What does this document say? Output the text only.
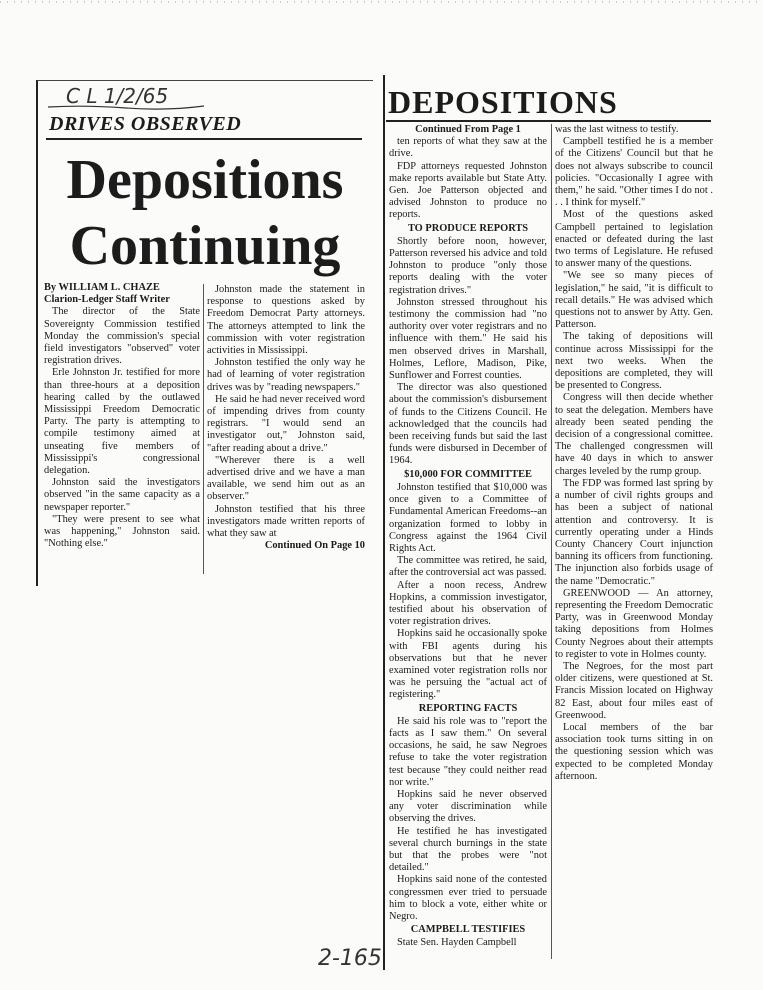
C L 1/2/65
DRIVES OBSERVED
Depositions
Continuing

By WILLIAM L. CHAZE

Clarion-Ledger Staff Writer

The director of the State Sovereignty Commission testified Monday the commission's special field investigators "observed" voter registration drives.

Erle Johnston Jr. testified for more than three-hours at a deposition hearing called by the outlawed Mississippi Freedom Democratic Party. The party is attempting to compile testimony aimed at unseating five members of Mississippi's congressional delegation.

Johnston said the investigators observed "in the same capacity as a newspaper reporter."

"They were present to see what was happening," Johnston said. "Nothing else."

Johnston made the statement in response to questions asked by Freedom Democrat Party attorneys. The attorneys attempted to link the commission with voter registration activities in Mississippi.

Johnston testified the only way he had of learning of voter registration drives was by "reading newspapers."

He said he had never received word of impending drives from county registrars. "I would send an investigator out," Johnston said, "after reading about a drive."

"Wherever there is a well advertised drive and we have a man available, we send him out as an observer."

Johnston testified that his three investigators made written reports of what they saw at

Continued On Page 10

DEPOSITIONS

Continued From Page 1

ten reports of what they saw at the drive.

FDP attorneys requested Johnston make reports available but State Atty. Gen. Joe Patterson objected and advised Johnston to produce no reports.

TO PRODUCE REPORTS

Shortly before noon, however, Patterson reversed his advice and told Johnston to produce "only those reports dealing with the voter registration drives."

Johnston stressed throughout his testimony the commission had "no authority over voter registrars and no influence with them." He said his men observed drives in Marshall, Holmes, Leflore, Madison, Pike, Sunflower and Forrest counties.

The director was also questioned about the commission's disbursement of funds to the Citizens Council. He acknowledged that the councils had been receiving funds but said the last funds were disbursed in December of 1964.

$10,000 FOR COMMITTEE

Johnston testified that $10,000 was once given to a Committee of Fundamental American Freedoms--an organization formed to lobby in Congress against the 1964 Civil Rights Act.

The committee was retired, he said, after the controversial act was passed.

After a noon recess, Andrew Hopkins, a commission investigator, testified about his observation of voter registration drives.

Hopkins said he occasionally spoke with FBI agents during his observations but that he never examined voter registration rolls nor was he persuing the "actual act of registering."

REPORTING FACTS

He said his role was to "report the facts as I saw them." On several occasions, he said, he saw Negroes refuse to take the voter registration test because "they could neither read nor write."

Hopkins said he never observed any voter discrimination while observing the drives.

He testified he has investigated several church burnings in the state but that the probes were "not detailed."

Hopkins said none of the contested congressmen ever tried to persuade him to block a vote, either white or Negro.

CAMPBELL TESTIFIES

State Sen. Hayden Campbell

was the last witness to testify.

Campbell testified he is a member of the Citizens' Council but that he does not always subscribe to council policies. "Occasionally I agree with them," he said. "Other times I do not . . . I think for myself."

Most of the questions asked Campbell pertained to legislation enacted or defeated during the last two terms of Legislature. He refused to answer many of the questions.

"We see so many pieces of legislation," he said, "it is difficult to recall details." He was advised which questions not to answer by Atty. Gen. Patterson.

The taking of depositions will continue across Mississippi for the next two weeks. When the depositions are completed, they will be presented to Congress.

Congress will then decide whether to seat the delegation. Members have already been seated pending the decision of a congressional comittee. The challenged congressmen will have 40 days in which to answer charges leveled by the rump group.

The FDP was formed last spring by a number of civil rights groups and has been a subject of national attention and controversy. It is currently operating under a Hinds County Chancery Court injunction banning its officers from functioning. The injunction also forbids usage of the name "Democratic."

GREENWOOD — An attorney, representing the Freedom Democratic Party, was in Greenwood Monday taking depositions from Holmes County Negroes about their attempts to register to vote in Holmes county.

The Negroes, for the most part older citizens, were questioned at St. Francis Mission located on Highway 82 East, about four miles east of Greenwood.

Local members of the bar association took turns sitting in on the questioning session which was expected to be completed Monday afternoon.

2-165
